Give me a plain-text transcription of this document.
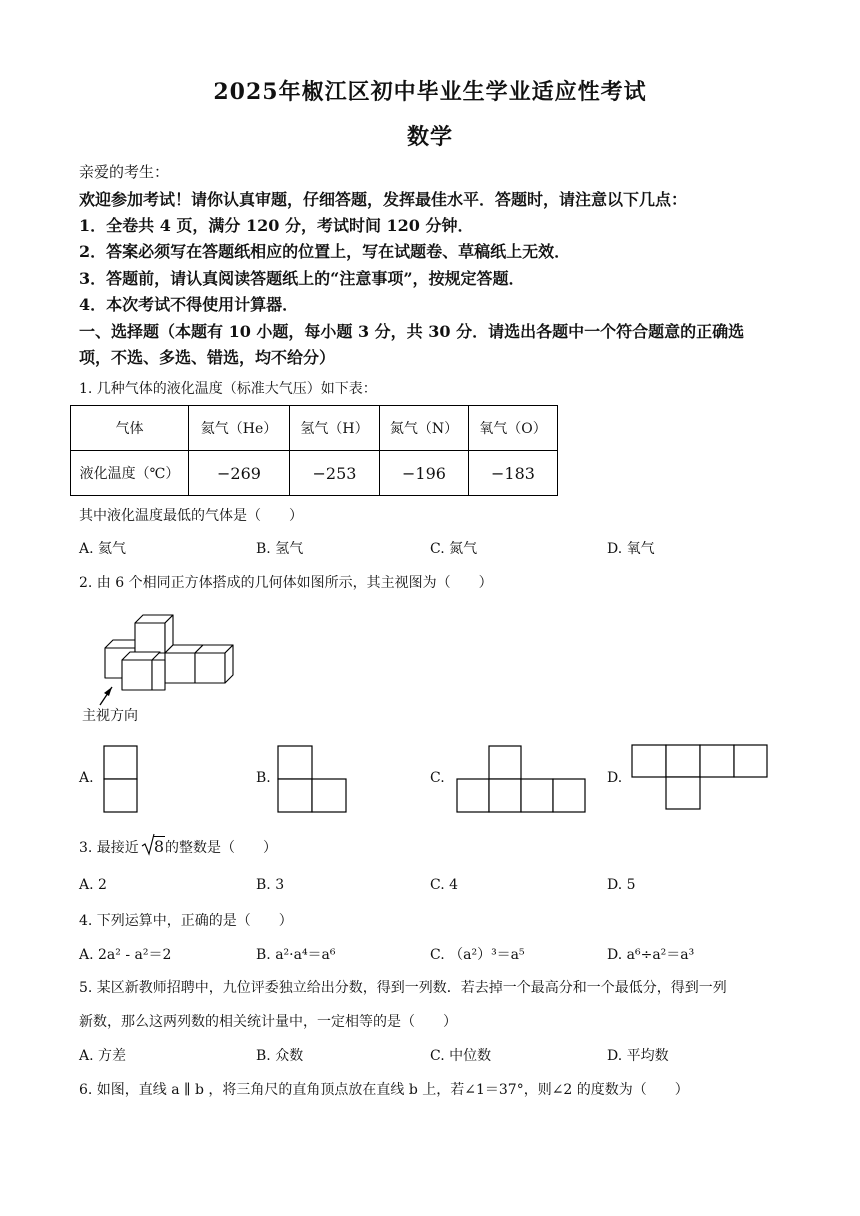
2025年椒江区初中毕业生学业适应性考试
数学
亲爱的考生：
欢迎参加考试！请你认真审题，仔细答题，发挥最佳水平．答题时，请注意以下几点：
1．全卷共 4 页，满分 120 分，考试时间 120 分钟．
2．答案必须写在答题纸相应的位置上，写在试题卷、草稿纸上无效．
3．答题前，请认真阅读答题纸上的“注意事项”，按规定答题．
4．本次考试不得使用计算器．
一、选择题（本题有 10 小题，每小题 3 分，共 30 分．请选出各题中一个符合题意的正确选
项，不选、多选、错选，均不给分）
1. 几种气体的液化温度（标准大气压）如下表：
气体	氦气（He）	氢气（H）	氮气（N）	氧气（O）
液化温度（℃）	−269	−253	−196	−183
其中液化温度最低的气体是（　　）
A. 氦气	B. 氢气	C. 氮气	D. 氧气
2. 由 6 个相同正方体搭成的几何体如图所示，其主视图为（　　）
主视方向
A.	B.	C.	D.
3. 最接近 8的整数是（　　）
A. 2	B. 3	C. 4	D. 5
4. 下列运算中，正确的是（　　）
A. 2a² - a²＝2	B. a²·a⁴＝a⁶	C. （a²）³＝a⁵	D. a⁶÷a²＝a³
5. 某区新教师招聘中，九位评委独立给出分数，得到一列数．若去掉一个最高分和一个最低分，得到一列
新数，那么这两列数的相关统计量中，一定相等的是（　　）
A. 方差	B. 众数	C. 中位数	D. 平均数
6. 如图，直线 a ∥ b ，将三角尺的直角顶点放在直线 b 上，若∠1＝37°，则∠2 的度数为（　　）
